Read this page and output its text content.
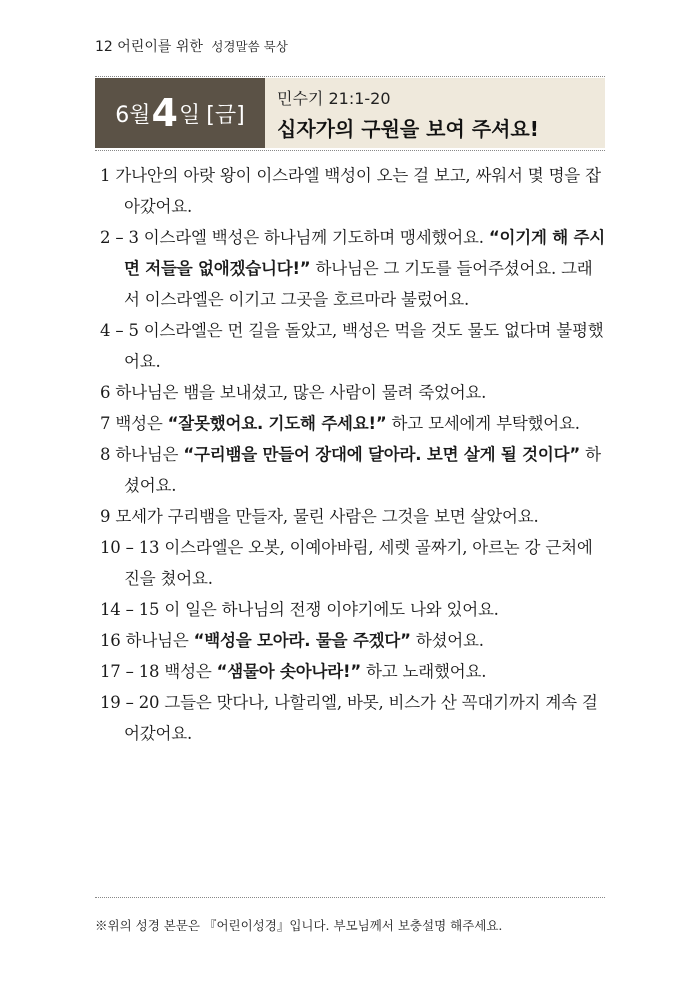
12 어린이를 위한 성경말씀 묵상
6월 4 일 [금]
민수기 21:1-20
십자가의 구원을 보여 주셔요!
1 가나안의 아랏 왕이 이스라엘 백성이 오는 걸 보고, 싸워서 몇 명을 잡아갔어요.
2 – 3 이스라엘 백성은 하나님께 기도하며 맹세했어요. “이기게 해 주시면 저들을 없애겠습니다!” 하나님은 그 기도를 들어주셨어요. 그래서 이스라엘은 이기고 그곳을 호르마라 불렀어요.
4 – 5 이스라엘은 먼 길을 돌았고, 백성은 먹을 것도 물도 없다며 불평했어요.
6 하나님은 뱀을 보내셨고, 많은 사람이 물려 죽었어요.
7 백성은 “잘못했어요. 기도해 주세요!” 하고 모세에게 부탁했어요.
8 하나님은 “구리뱀을 만들어 장대에 달아라. 보면 살게 될 것이다” 하셨어요.
9 모세가 구리뱀을 만들자, 물린 사람은 그것을 보면 살았어요.
10 – 13 이스라엘은 오봇, 이예아바림, 세렛 골짜기, 아르논 강 근처에 진을 쳤어요.
14 – 15 이 일은 하나님의 전쟁 이야기에도 나와 있어요.
16 하나님은 “백성을 모아라. 물을 주겠다” 하셨어요.
17 – 18 백성은 “샘물아 솟아나라!” 하고 노래했어요.
19 – 20 그들은 맛다나, 나할리엘, 바못, 비스가 산 꼭대기까지 계속 걸어갔어요.
※위의 성경 본문은 『어린이성경』입니다. 부모님께서 보충설명 해주세요.
